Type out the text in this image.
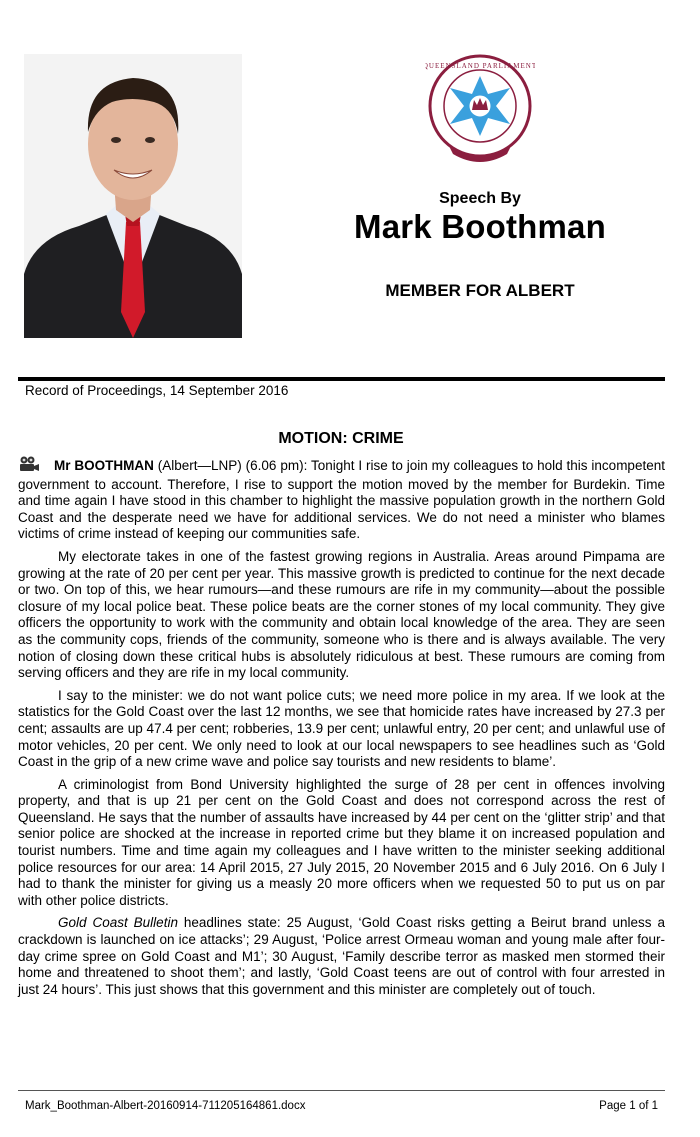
QUEENSLAND PARLIAMENT
Speech By
Mark Boothman
MEMBER FOR ALBERT
Record of Proceedings, 14 September 2016
MOTION: CRIME

Mr BOOTHMAN (Albert—LNP) (6.06 pm): Tonight I rise to join my colleagues to hold this incompetent government to account. Therefore, I rise to support the motion moved by the member for Burdekin. Time and time again I have stood in this chamber to highlight the massive population growth in the northern Gold Coast and the desperate need we have for additional services. We do not need a minister who blames victims of crime instead of keeping our communities safe.

My electorate takes in one of the fastest growing regions in Australia. Areas around Pimpama are growing at the rate of 20 per cent per year. This massive growth is predicted to continue for the next decade or two. On top of this, we hear rumours—and these rumours are rife in my community—about the possible closure of my local police beat. These police beats are the corner stones of my local community. They give officers the opportunity to work with the community and obtain local knowledge of the area. They are seen as the community cops, friends of the community, someone who is there and is always available. The very notion of closing down these critical hubs is absolutely ridiculous at best. These rumours are coming from serving officers and they are rife in my local community.

I say to the minister: we do not want police cuts; we need more police in my area. If we look at the statistics for the Gold Coast over the last 12 months, we see that homicide rates have increased by 27.3 per cent; assaults are up 47.4 per cent; robberies, 13.9 per cent; unlawful entry, 20 per cent; and unlawful use of motor vehicles, 20 per cent. We only need to look at our local newspapers to see headlines such as ‘Gold Coast in the grip of a new crime wave and police say tourists and new residents to blame’.

A criminologist from Bond University highlighted the surge of 28 per cent in offences involving property, and that is up 21 per cent on the Gold Coast and does not correspond across the rest of Queensland. He says that the number of assaults have increased by 44 per cent on the ‘glitter strip’ and that senior police are shocked at the increase in reported crime but they blame it on increased population and tourist numbers. Time and time again my colleagues and I have written to the minister seeking additional police resources for our area: 14 April 2015, 27 July 2015, 20 November 2015 and 6 July 2016. On 6 July I had to thank the minister for giving us a measly 20 more officers when we requested 50 to put us on par with other police districts.

Gold Coast Bulletin headlines state: 25 August, ‘Gold Coast risks getting a Beirut brand unless a crackdown is launched on ice attacks’; 29 August, ‘Police arrest Ormeau woman and young male after four-day crime spree on Gold Coast and M1’; 30 August, ‘Family describe terror as masked men stormed their home and threatened to shoot them’; and lastly, ‘Gold Coast teens are out of control with four arrested in just 24 hours’. This just shows that this government and this minister are completely out of touch.

Mark_Boothman-Albert-20160914-711205164861.docx	Page 1 of 1
